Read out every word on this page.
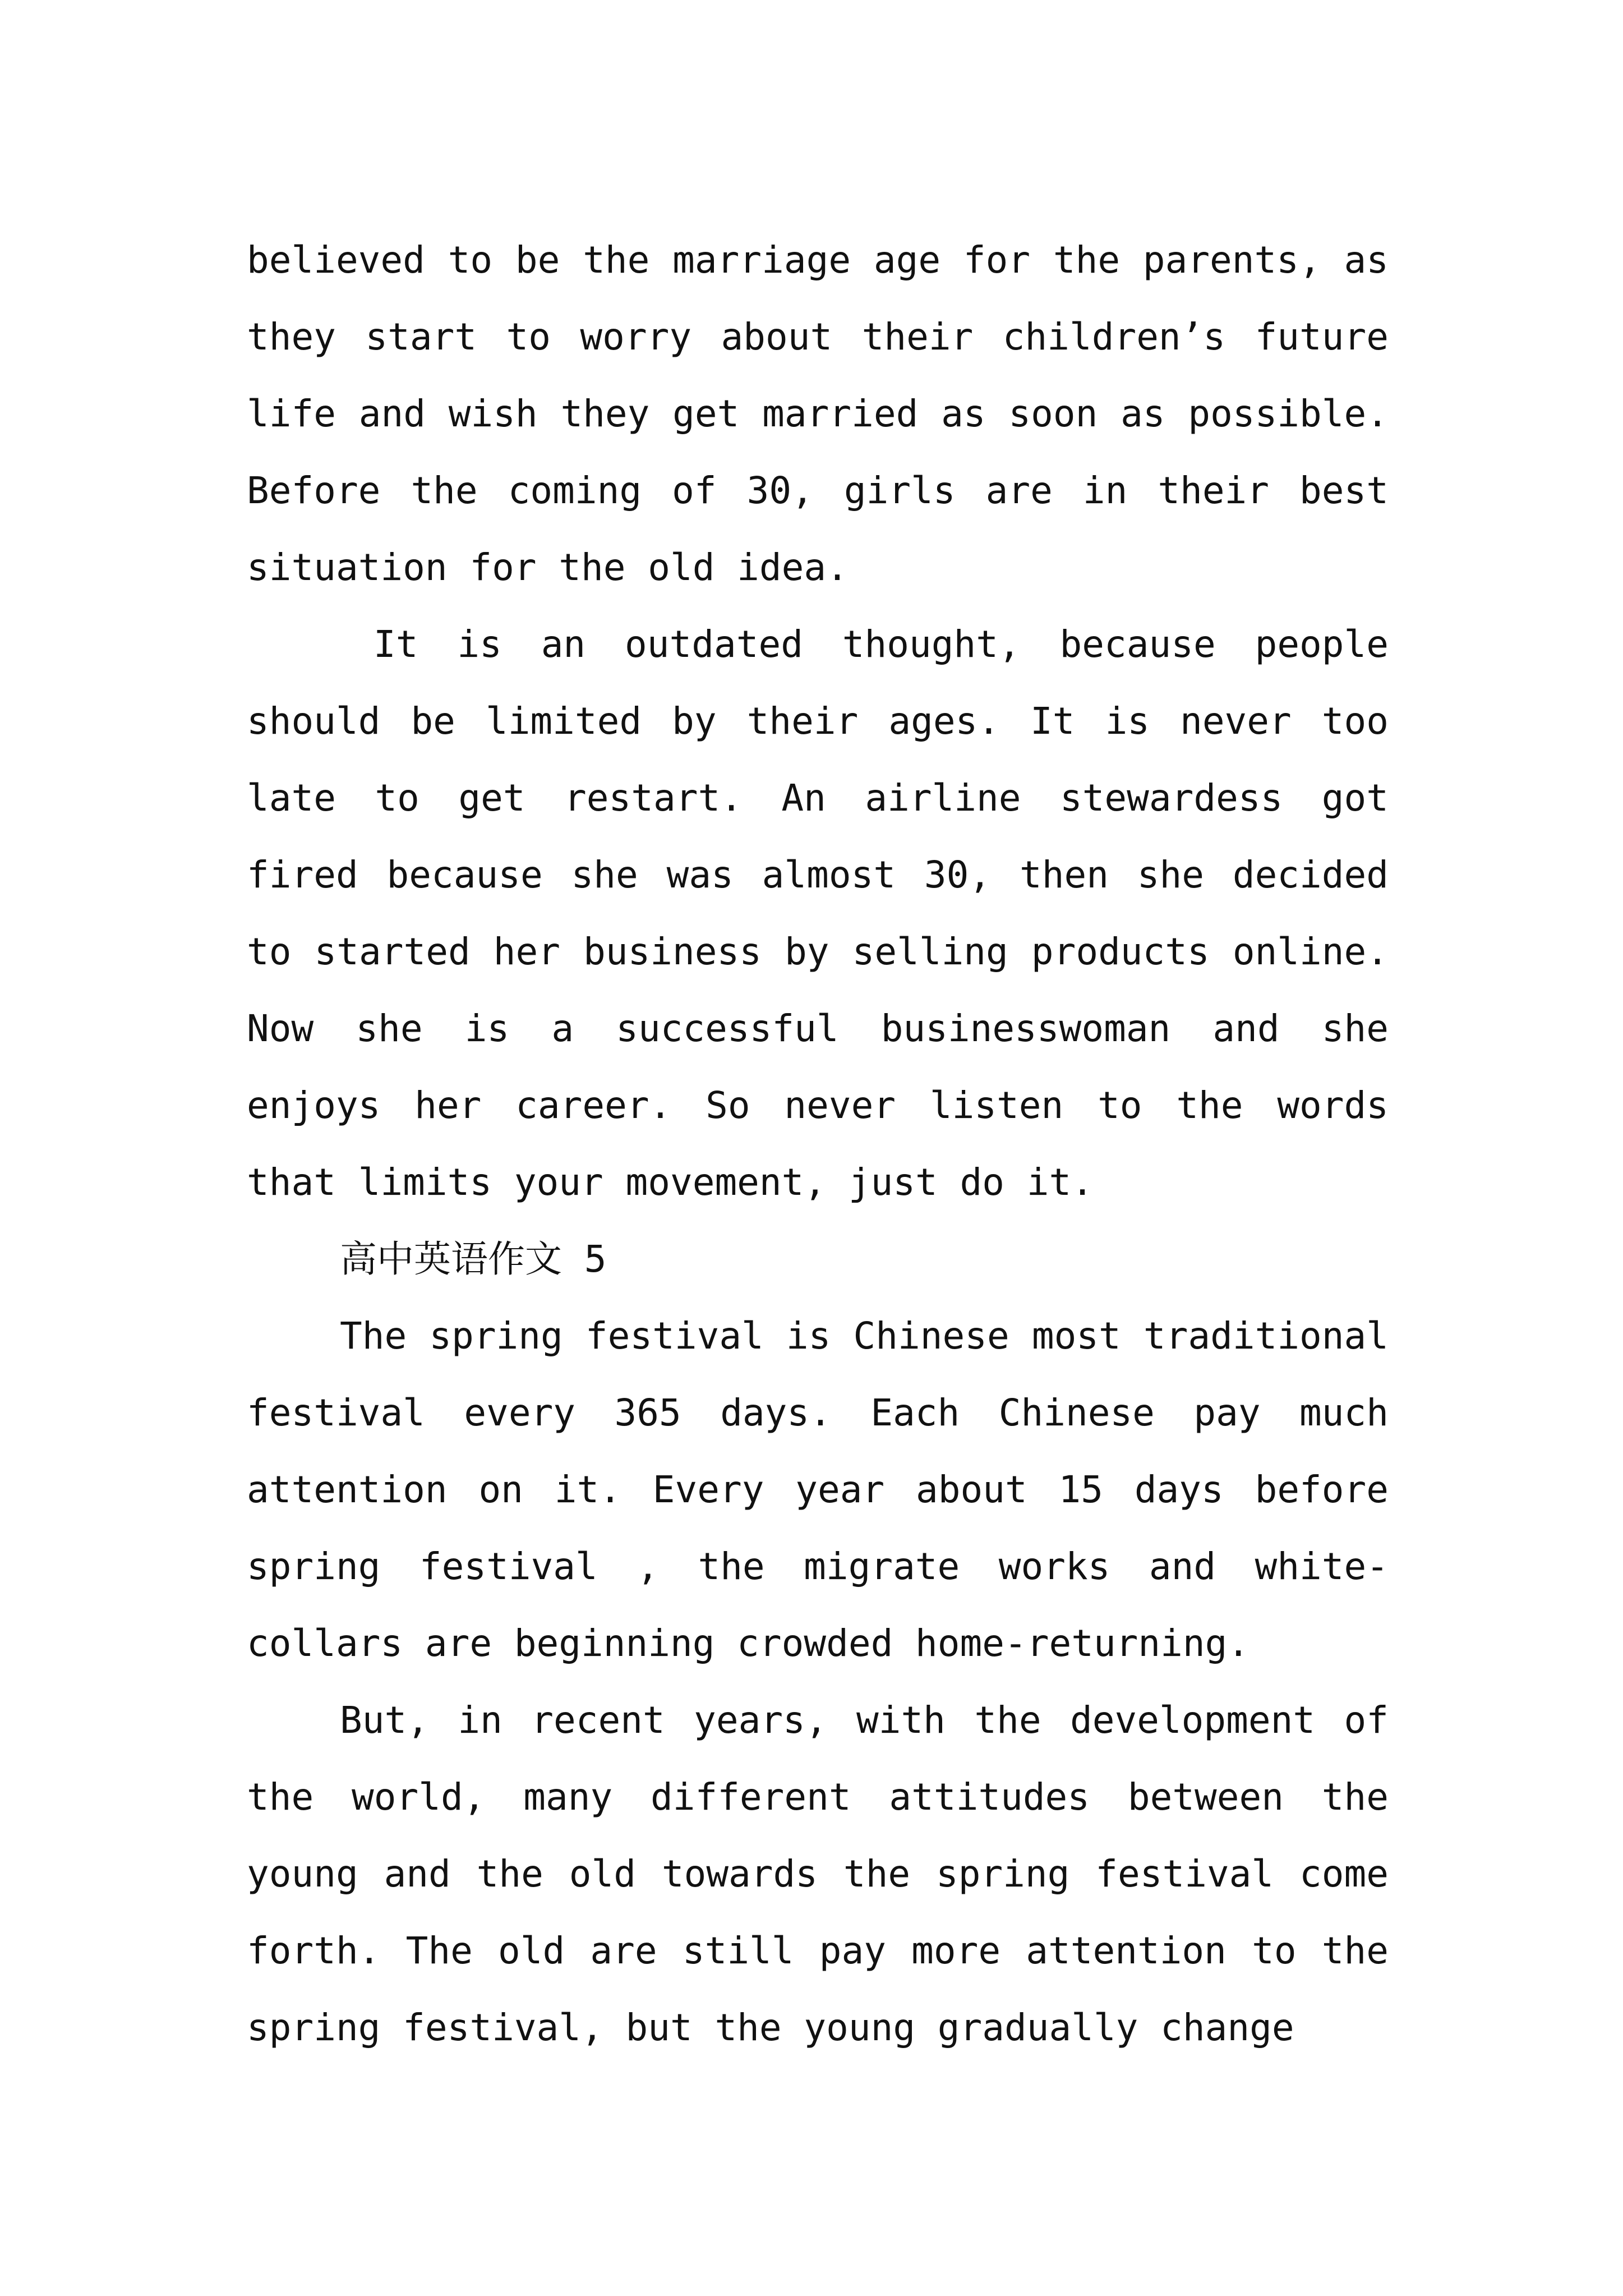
believed to be the marriage age for the parents, as they start to worry about their children’s future life and wish they get married as soon as possible. Before the coming of 30, girls are in their best situation for the old idea.

It is an outdated thought, because people should be limited by their ages. It is never too late to get restart. An airline stewardess got fired because she was almost 30, then she decided to started her business by selling products online. Now she is a successful businesswoman and she enjoys her career. So never listen to the words that limits your movement, just do it.

高中英语作文 5

The spring festival is Chinese most traditional festival every 365 days. Each Chinese pay much attention on it. Every year about 15 days before spring festival , the migrate works and white-collars are beginning crowded home-returning.

But, in recent years, with the development of the world, many different attitudes between the young and the old towards the spring festival come forth. The old are still pay more attention to the spring festival, but the young gradually change
